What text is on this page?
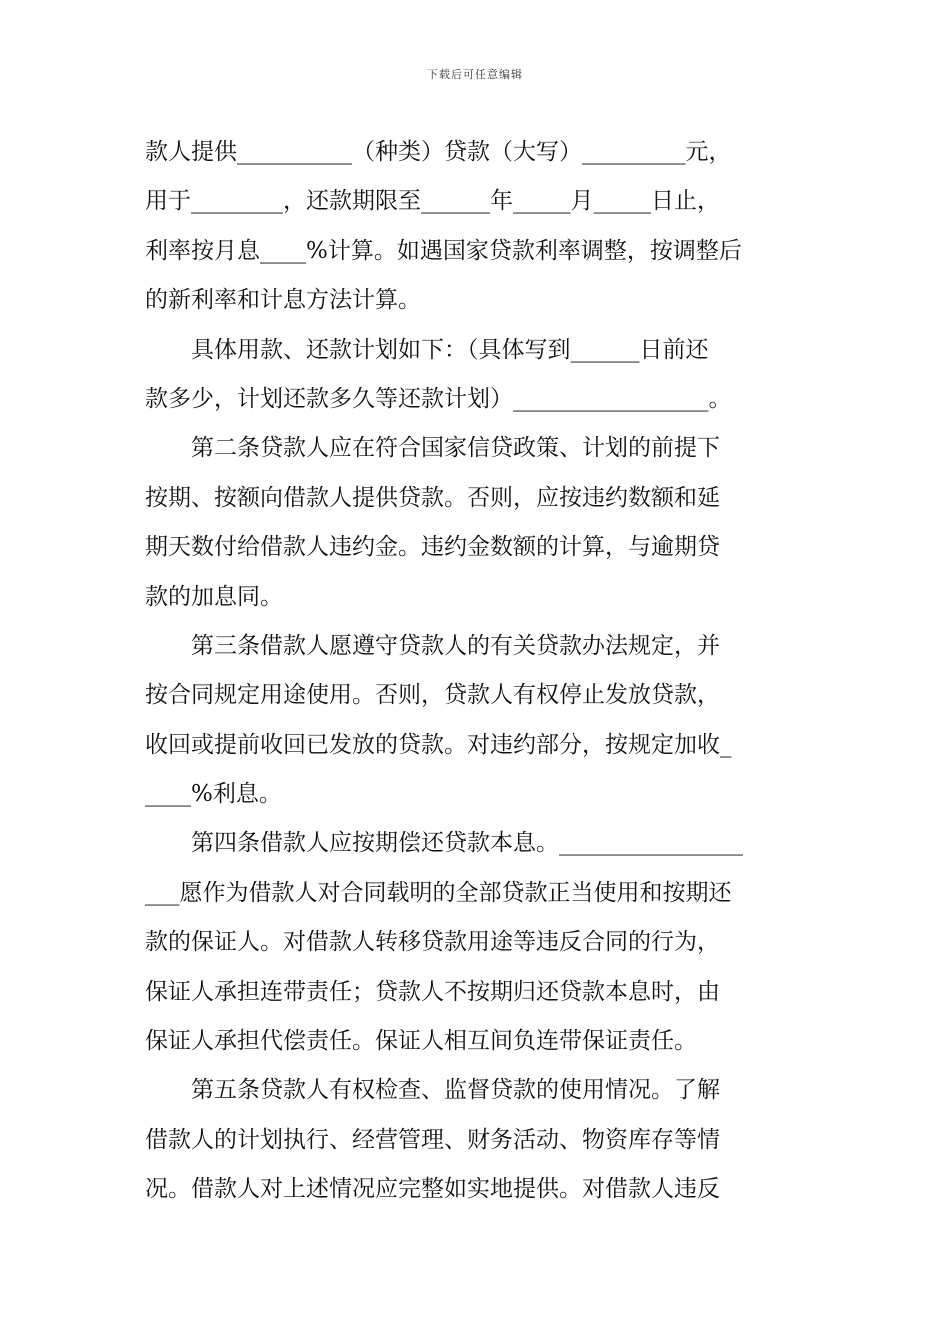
下载后可任意编辑
款人提供__________（种类）贷款（大写）_________元，
用于________，还款期限至______年_____月_____日止，
利率按月息____%计算。如遇国家贷款利率调整，按调整后
的新利率和计息方法计算。
　　具体用款、还款计划如下：（具体写到______日前还
款多少，计划还款多久等还款计划）_________________。
　　第二条贷款人应在符合国家信贷政策、计划的前提下
按期、按额向借款人提供贷款。否则，应按违约数额和延
期天数付给借款人违约金。违约金数额的计算，与逾期贷
款的加息同。
　　第三条借款人愿遵守贷款人的有关贷款办法规定，并
按合同规定用途使用。否则，贷款人有权停止发放贷款，
收回或提前收回已发放的贷款。对违约部分，按规定加收_
____%利息。
　　第四条借款人应按期偿还贷款本息。________________
___愿作为借款人对合同载明的全部贷款正当使用和按期还
款的保证人。对借款人转移贷款用途等违反合同的行为，
保证人承担连带责任；贷款人不按期归还贷款本息时，由
保证人承担代偿责任。保证人相互间负连带保证责任。
　　第五条贷款人有权检查、监督贷款的使用情况。了解
借款人的计划执行、经营管理、财务活动、物资库存等情
况。借款人对上述情况应完整如实地提供。对借款人违反
